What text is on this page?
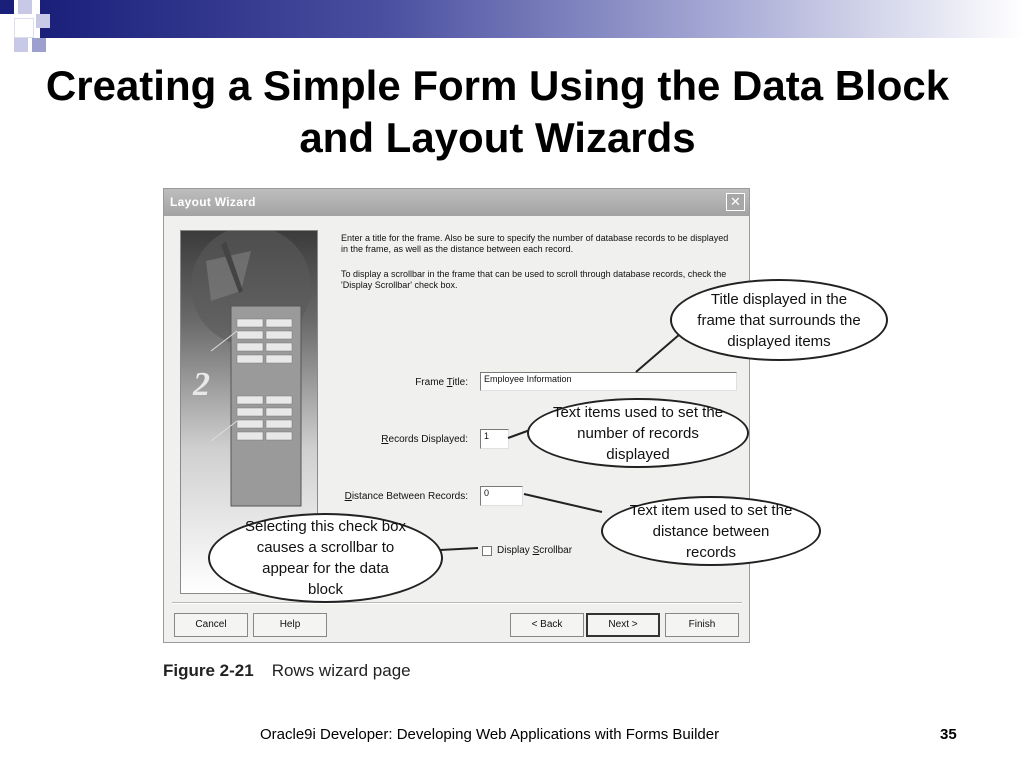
Creating a Simple Form Using the Data Block
and Layout Wizards
Layout Wizard	✕
2
Enter a title for the frame. Also be sure to specify the number of database records to be displayed in the frame, as well as the distance between each record.
To display a scrollbar in the frame that can be used to scroll through database records, check the 'Display Scrollbar' check box.
Frame Title:	Employee Information
Records Displayed:	1
Distance Between Records:	0
Display Scrollbar
Cancel	Help	< Back	Next >	Finish
Title displayed in the frame that surrounds the displayed items
Text items used to set the number of records displayed
Text item used to set the distance between records
Selecting this check box causes a scrollbar to appear for the data block
Figure 2-21 Rows wizard page
Oracle9i Developer: Developing Web Applications with Forms Builder	35
